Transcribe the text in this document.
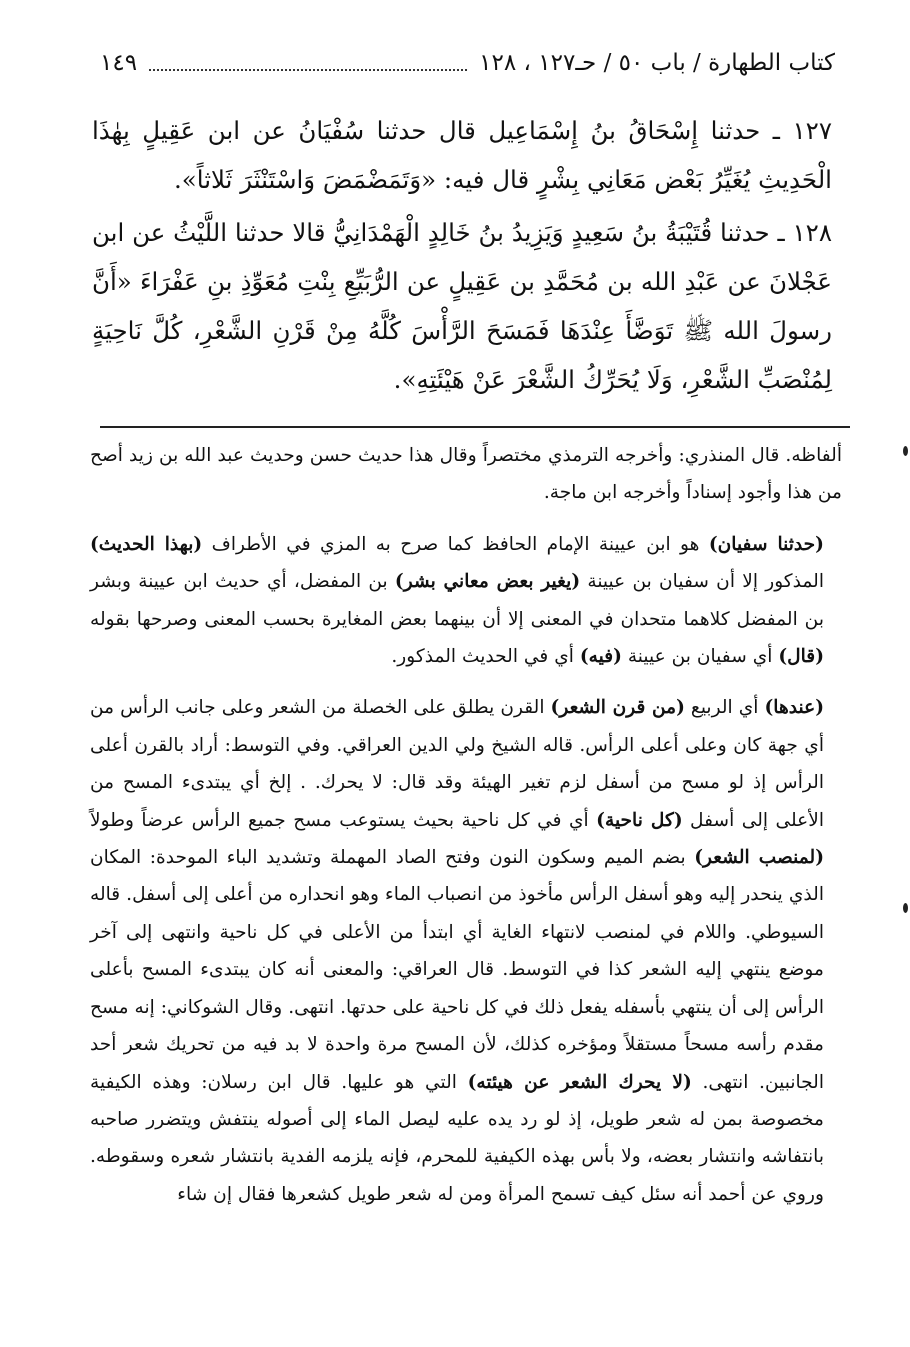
كتاب الطهارة / باب ٥٠ / حـ١٢٧ ، ١٢٨
١٤٩

١٢٧ ـ حدثنا إِسْحَاقُ بنُ إِسْمَاعِيل قال حدثنا سُفْيَانُ عن ابن عَقِيلٍ بِهٰذَا الْحَدِيثِ يُغَيِّرُ بَعْض مَعَانِي بِشْرٍ قال فيه: «وَتَمَضْمَضَ وَاسْتَنْثَرَ ثَلاثاً».

١٢٨ ـ حدثنا قُتَيْبَةُ بنُ سَعِيدٍ وَيَزِيدُ بنُ خَالِدٍ الْهَمْدَانِيُّ قالا حدثنا اللَّيْثُ عن ابن عَجْلانَ عن عَبْدِ الله بن مُحَمَّدِ بن عَقِيلٍ عن الرُّبَيِّعِ بِنْتِ مُعَوِّذِ بنِ عَفْرَاءَ «أَنَّ رسولَ الله ﷺ تَوَضَّأَ عِنْدَهَا فَمَسَحَ الرَّأْسَ كُلَّهُ مِنْ قَرْنِ الشَّعْرِ، كُلَّ نَاحِيَةٍ لِمُنْصَبِّ الشَّعْرِ، وَلَا يُحَرِّكُ الشَّعْرَ عَنْ هَيْئَتِهِ».

ألفاظه. قال المنذري: وأخرجه الترمذي مختصراً وقال هذا حديث حسن وحديث عبد الله بن زيد أصح من هذا وأجود إسناداً وأخرجه ابن ماجة.

(حدثنا سفيان) هو ابن عيينة الإمام الحافظ كما صرح به المزي في الأطراف (بهذا الحديث) المذكور إلا أن سفيان بن عيينة (يغير بعض معاني بشر) بن المفضل، أي حديث ابن عيينة وبشر بن المفضل كلاهما متحدان في المعنى إلا أن بينهما بعض المغايرة بحسب المعنى وصرحها بقوله (قال) أي سفيان بن عيينة (فيه) أي في الحديث المذكور.

(عندها) أي الربيع (من قرن الشعر) القرن يطلق على الخصلة من الشعر وعلى جانب الرأس من أي جهة كان وعلى أعلى الرأس. قاله الشيخ ولي الدين العراقي. وفي التوسط: أراد بالقرن أعلى الرأس إذ لو مسح من أسفل لزم تغير الهيئة وقد قال: لا يحرك. . إلخ أي يبتدىء المسح من الأعلى إلى أسفل (كل ناحية) أي في كل ناحية بحيث يستوعب مسح جميع الرأس عرضاً وطولاً (لمنصب الشعر) بضم الميم وسكون النون وفتح الصاد المهملة وتشديد الباء الموحدة: المكان الذي ينحدر إليه وهو أسفل الرأس مأخوذ من انصباب الماء وهو انحداره من أعلى إلى أسفل. قاله السيوطي. واللام في لمنصب لانتهاء الغاية أي ابتدأ من الأعلى في كل ناحية وانتهى إلى آخر موضع ينتهي إليه الشعر كذا في التوسط. قال العراقي: والمعنى أنه كان يبتدىء المسح بأعلى الرأس إلى أن ينتهي بأسفله يفعل ذلك في كل ناحية على حدتها. انتهى. وقال الشوكاني: إنه مسح مقدم رأسه مسحاً مستقلاً ومؤخره كذلك، لأن المسح مرة واحدة لا بد فيه من تحريك شعر أحد الجانبين. انتهى. (لا يحرك الشعر عن هيئته) التي هو عليها. قال ابن رسلان: وهذه الكيفية مخصوصة بمن له شعر طويل، إذ لو رد يده عليه ليصل الماء إلى أصوله ينتفش ويتضرر صاحبه بانتفاشه وانتشار بعضه، ولا بأس بهذه الكيفية للمحرم، فإنه يلزمه الفدية بانتشار شعره وسقوطه. وروي عن أحمد أنه سئل كيف تسمح المرأة ومن له شعر طويل كشعرها فقال إن شاء
